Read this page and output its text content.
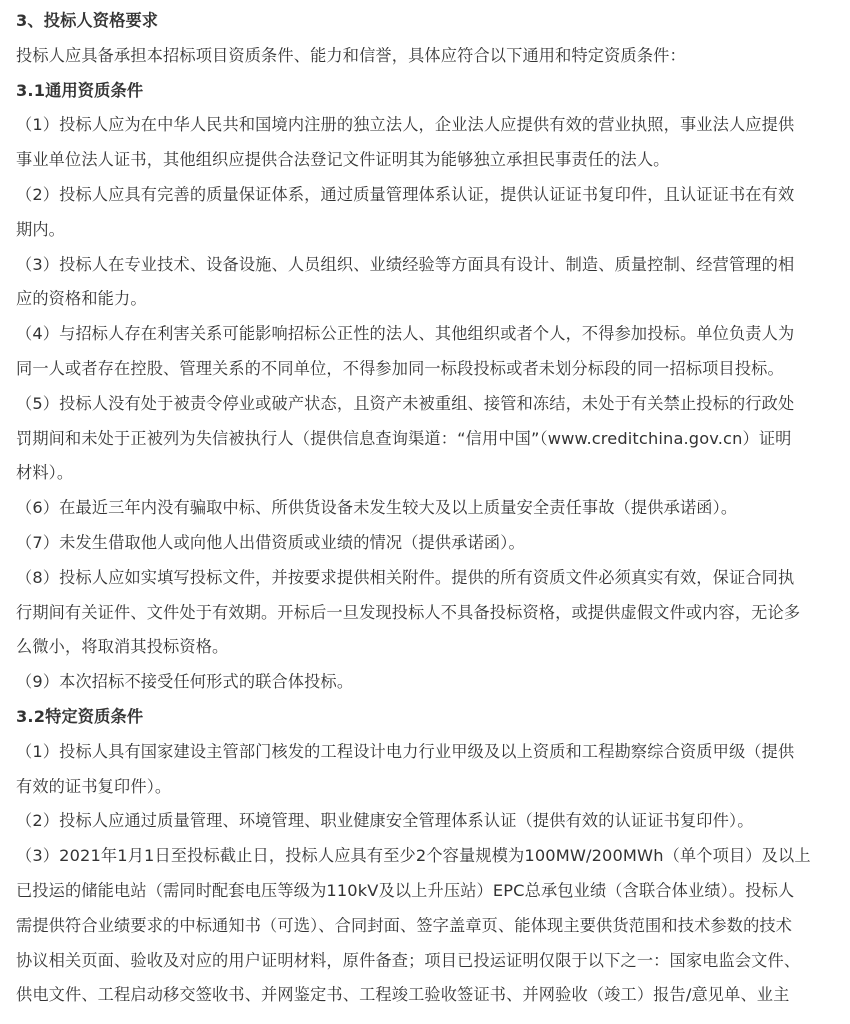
3、投标人资格要求
投标人应具备承担本招标项目资质条件、能力和信誉，具体应符合以下通用和特定资质条件：
3.1通用资质条件
（1）投标人应为在中华人民共和国境内注册的独立法人，企业法人应提供有效的营业执照，事业法人应提供
事业单位法人证书，其他组织应提供合法登记文件证明其为能够独立承担民事责任的法人。
（2）投标人应具有完善的质量保证体系，通过质量管理体系认证，提供认证证书复印件，且认证证书在有效
期内。
（3）投标人在专业技术、设备设施、人员组织、业绩经验等方面具有设计、制造、质量控制、经营管理的相
应的资格和能力。
（4）与招标人存在利害关系可能影响招标公正性的法人、其他组织或者个人，不得参加投标。单位负责人为
同一人或者存在控股、管理关系的不同单位，不得参加同一标段投标或者未划分标段的同一招标项目投标。
（5）投标人没有处于被责令停业或破产状态，且资产未被重组、接管和冻结，未处于有关禁止投标的行政处
罚期间和未处于正被列为失信被执行人（提供信息查询渠道：“信用中国”（www.creditchina.gov.cn）证明
材料）。
（6）在最近三年内没有骗取中标、所供货设备未发生较大及以上质量安全责任事故（提供承诺函）。
（7）未发生借取他人或向他人出借资质或业绩的情况（提供承诺函）。
（8）投标人应如实填写投标文件，并按要求提供相关附件。提供的所有资质文件必须真实有效，保证合同执
行期间有关证件、文件处于有效期。开标后一旦发现投标人不具备投标资格，或提供虚假文件或内容，无论多
么微小，将取消其投标资格。
（9）本次招标不接受任何形式的联合体投标。
3.2特定资质条件
（1）投标人具有国家建设主管部门核发的工程设计电力行业甲级及以上资质和工程勘察综合资质甲级（提供
有效的证书复印件）。
（2）投标人应通过质量管理、环境管理、职业健康安全管理体系认证（提供有效的认证证书复印件）。
（3）2021年1月1日至投标截止日，投标人应具有至少2个容量规模为100MW/200MWh（单个项目）及以上
已投运的储能电站（需同时配套电压等级为110kV及以上升压站）EPC总承包业绩（含联合体业绩）。投标人
需提供符合业绩要求的中标通知书（可选）、合同封面、签字盖章页、能体现主要供货范围和技术参数的技术
协议相关页面、验收及对应的用户证明材料，原件备查；项目已投运证明仅限于以下之一：国家电监会文件、
供电文件、工程启动移交签收书、并网鉴定书、工程竣工验收签证书、并网验收（竣工）报告/意见单、业主
